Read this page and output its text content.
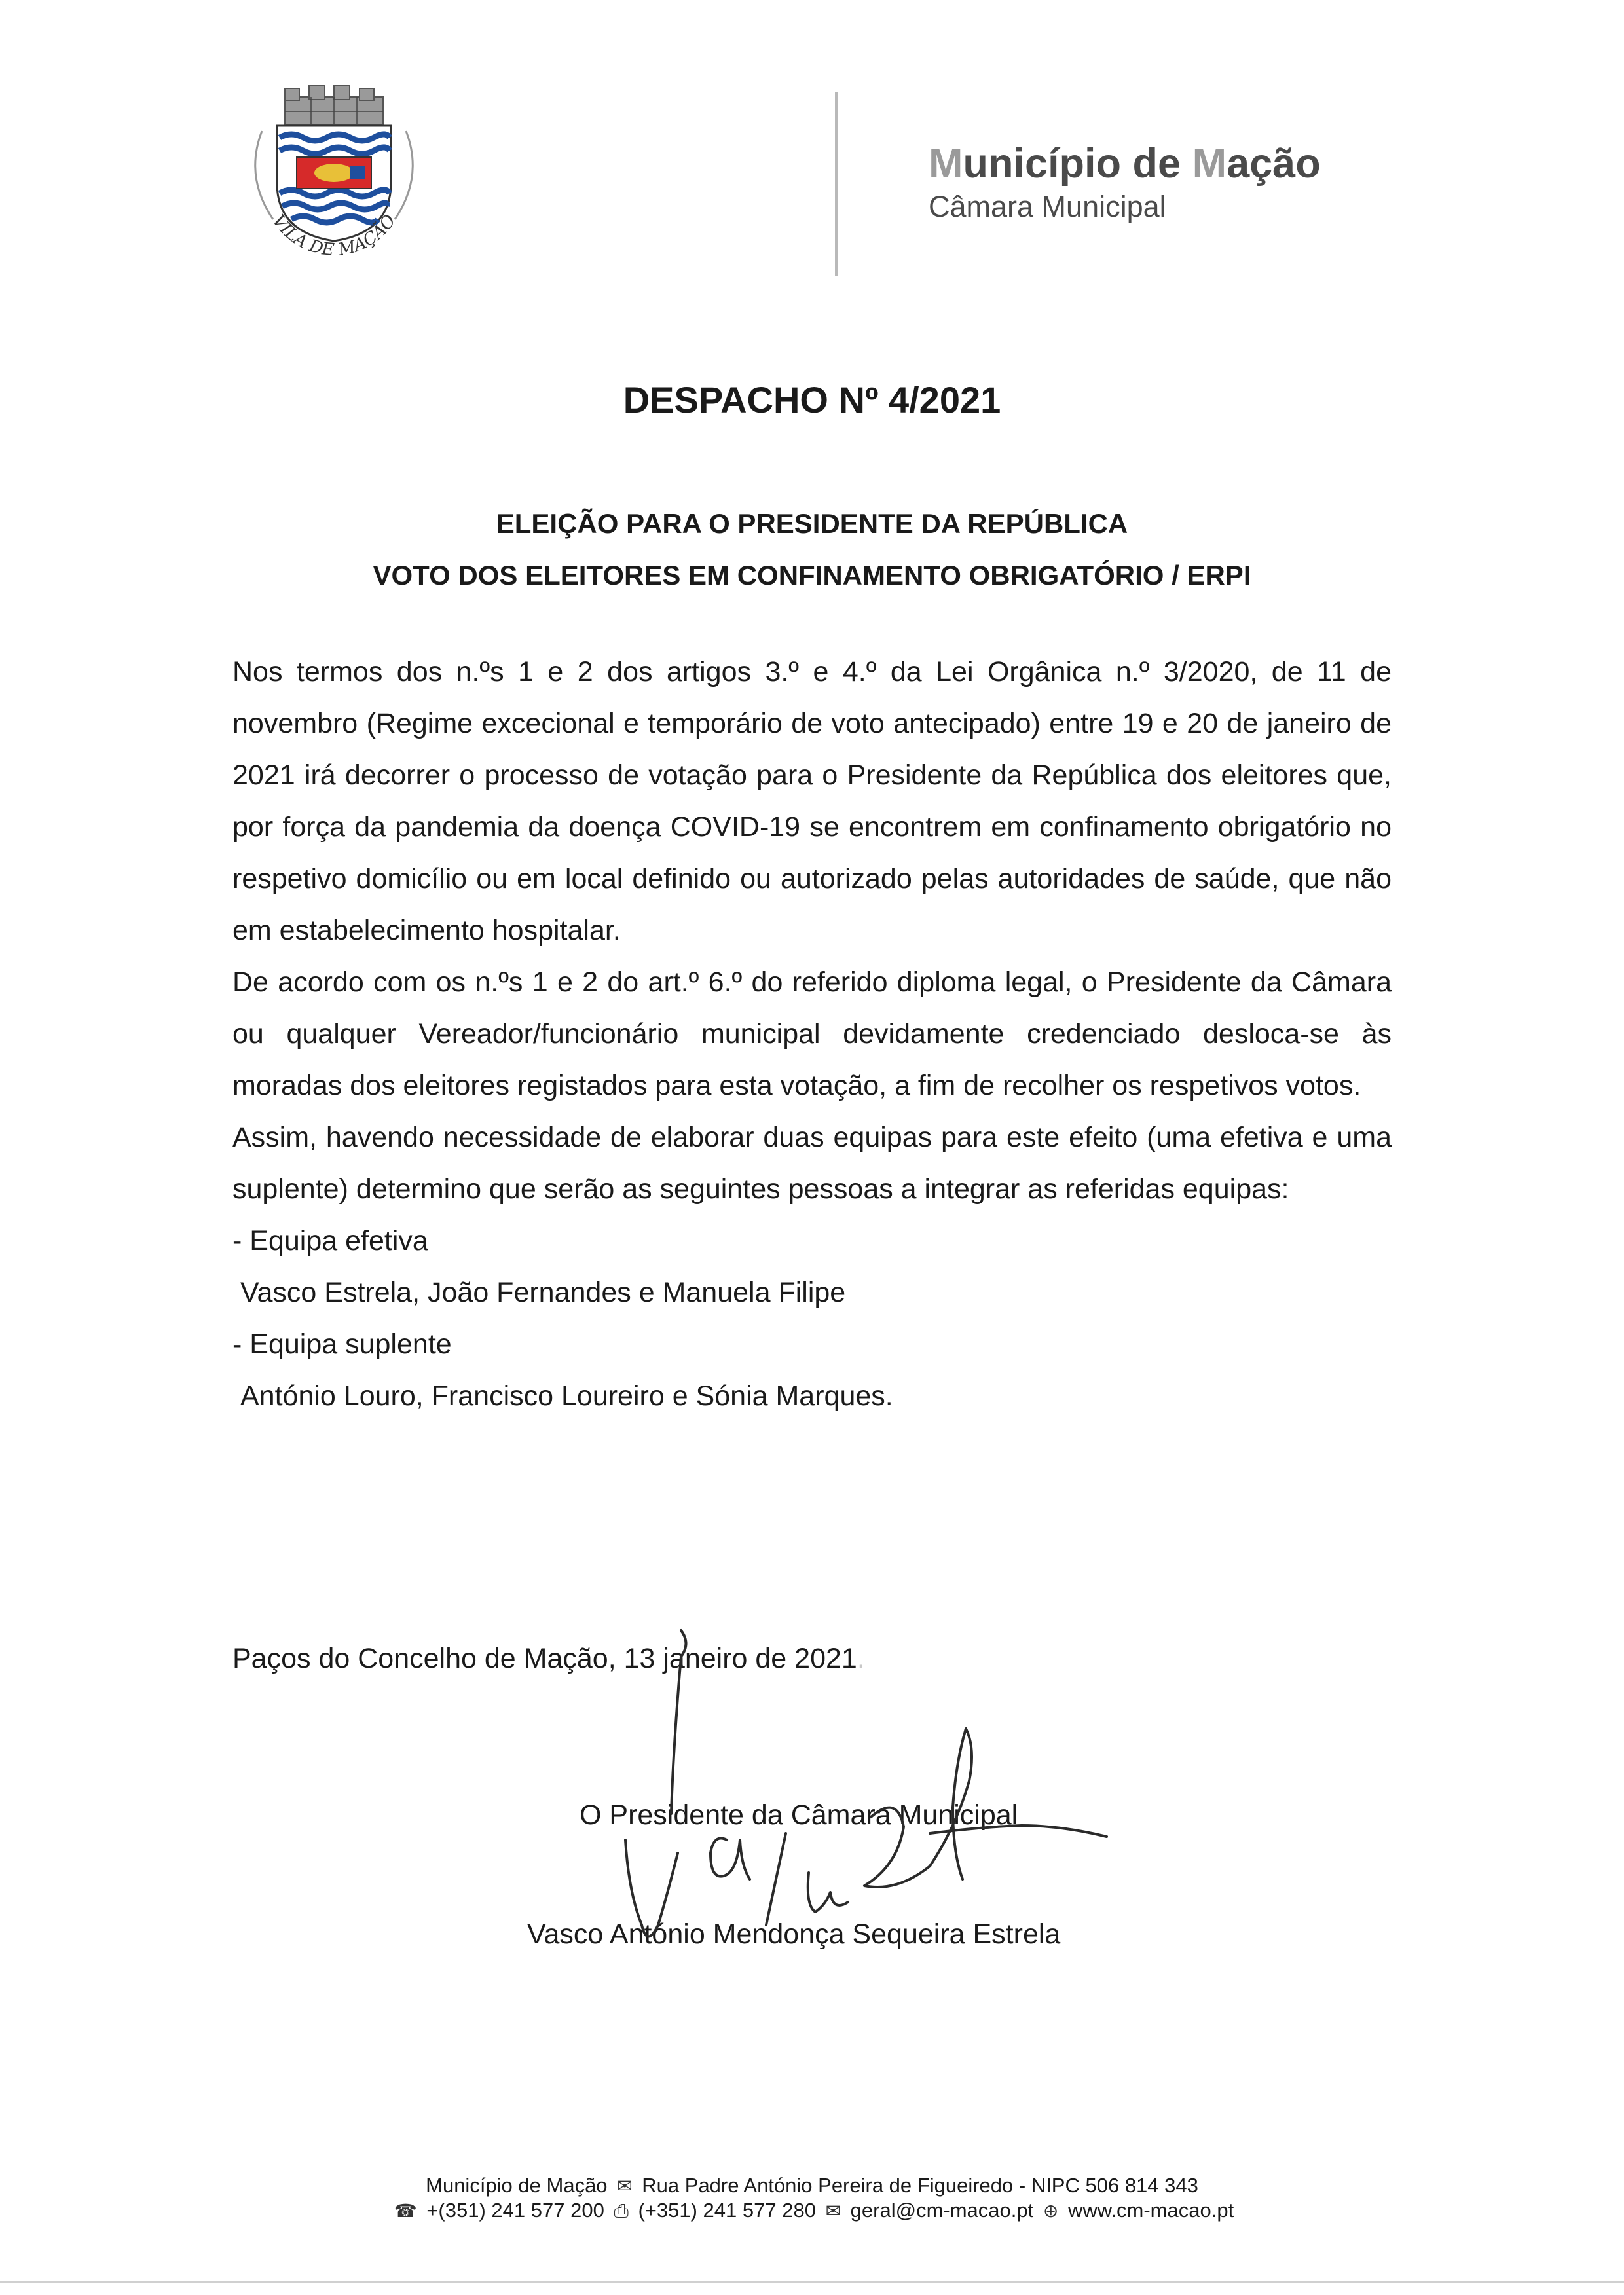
VILA DE MAÇÃO
Município de Mação
Câmara Municipal
DESPACHO Nº 4/2021
ELEIÇÃO PARA O PRESIDENTE DA REPÚBLICA
VOTO DOS ELEITORES EM CONFINAMENTO OBRIGATÓRIO / ERPI

Nos termos dos n.ºs 1 e 2 dos artigos 3.º e 4.º da Lei Orgânica n.º 3/2020, de 11 de novembro (Regime excecional e temporário de voto antecipado) entre 19 e 20 de janeiro de 2021 irá decorrer o processo de votação para o Presidente da República dos eleitores que, por força da pandemia da doença COVID-19 se encontrem em confinamento obrigatório no respetivo domicílio ou em local definido ou autorizado pelas autoridades de saúde, que não em estabelecimento hospitalar.

De acordo com os n.ºs 1 e 2 do art.º 6.º do referido diploma legal, o Presidente da Câmara ou qualquer Vereador/funcionário municipal devidamente credenciado desloca-se às moradas dos eleitores registados para esta votação, a fim de recolher os respetivos votos.

Assim, havendo necessidade de elaborar duas equipas para este efeito (uma efetiva e uma suplente) determino que serão as seguintes pessoas a integrar as referidas equipas:

- Equipa efetiva

Vasco Estrela, João Fernandes e Manuela Filipe

- Equipa suplente

António Louro, Francisco Loureiro e Sónia Marques.

Paços do Concelho de Mação, 13 janeiro de 2021.
O Presidente da Câmara Municipal
Vasco António Mendonça Sequeira Estrela
Município de Mação ✉ Rua Padre António Pereira de Figueiredo - NIPC 506 814 343
☎ +(351) 241 577 200 ⎙ (+351) 241 577 280 ✉ geral@cm-macao.pt ⊕ www.cm-macao.pt
